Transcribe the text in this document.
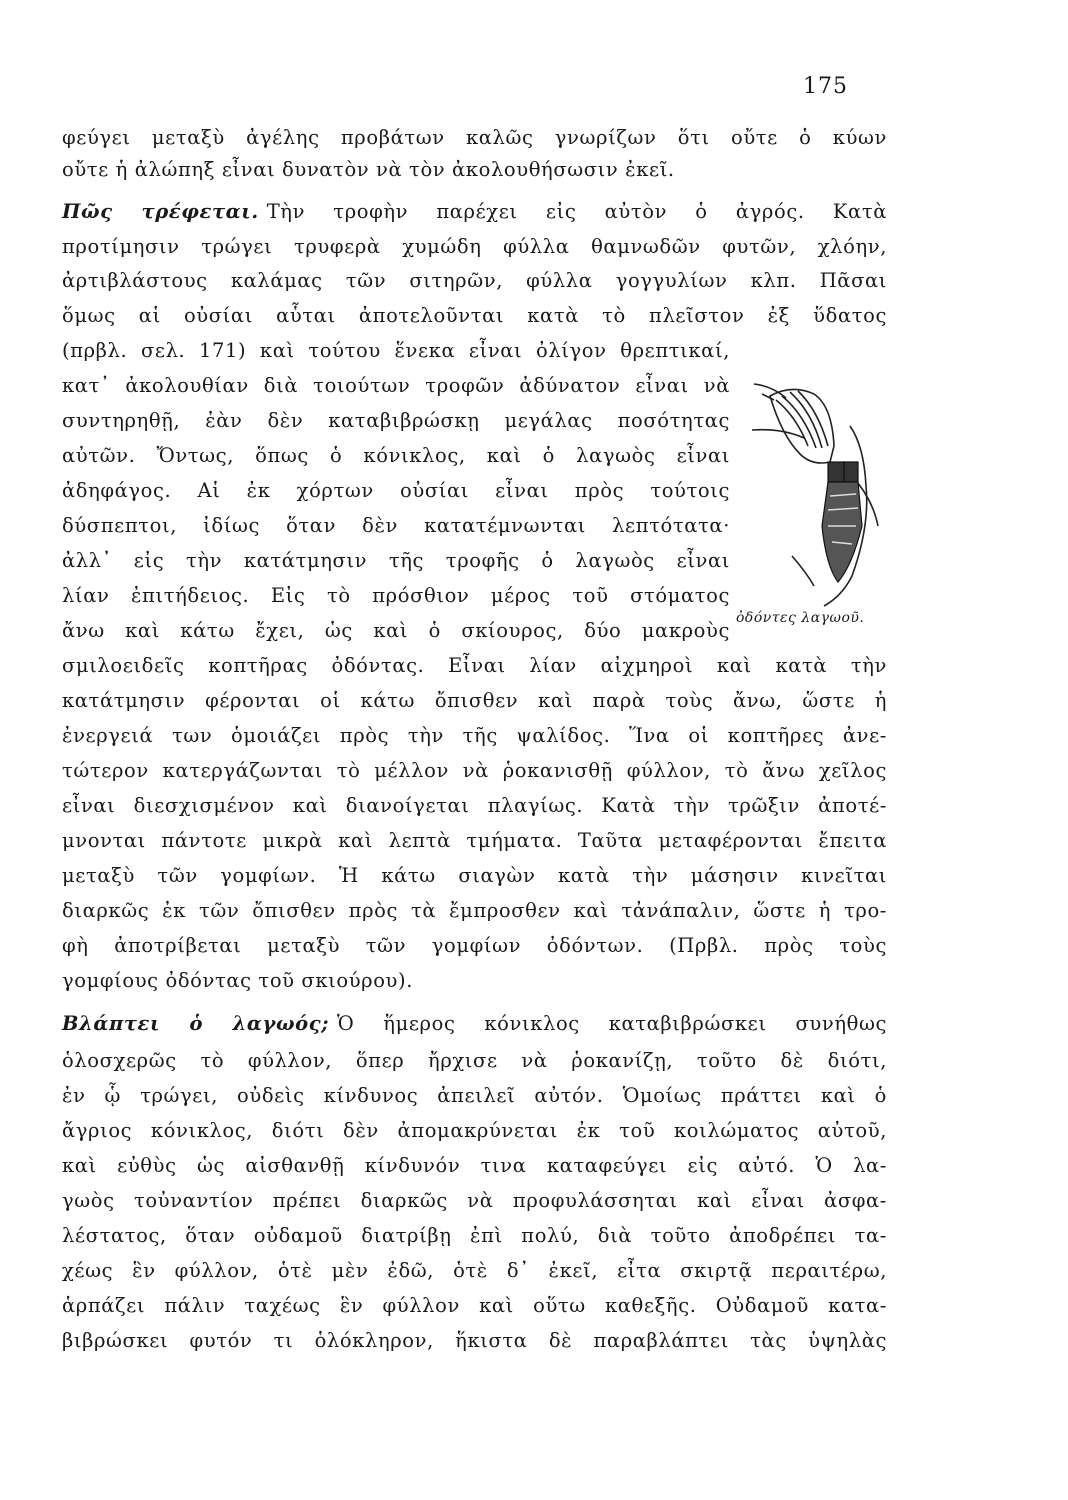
175
φεύγει μεταξὺ ἀγέλης προβάτων καλῶς γνωρίζων ὅτι οὔτε ὁ κύων
οὔτε ἡ ἀλώπηξ εἶναι δυνατὸν νὰ τὸν ἀκολουθήσωσιν ἐκεῖ.
Πῶς τρέφεται. Τὴν τροφὴν παρέχει εἰς αὐτὸν ὁ ἀγρός. Κατὰ
προτίμησιν τρώγει τρυφερὰ χυμώδη φύλλα θαμνωδῶν φυτῶν, χλόην,
ἀρτιβλάστους καλάμας τῶν σιτηρῶν, φύλλα γογγυλίων κλπ. Πᾶσαι
ὅμως αἱ οὐσίαι αὗται ἀποτελοῦνται κατὰ τὸ πλεῖστον ἐξ ὕδατος
(πρβλ. σελ. 171) καὶ τούτου ἕνεκα εἶναι ὀλίγον θρεπτικαί,
κατ᾽ ἀκολουθίαν διὰ τοιούτων τροφῶν ἀδύνατον εἶναι νὰ
συντηρηθῇ, ἐὰν δὲν καταβιβρώσκῃ μεγάλας ποσότητας
αὐτῶν. Ὄντως, ὅπως ὁ κόνικλος, καὶ ὁ λαγωὸς εἶναι
ἀδηφάγος. Αἱ ἐκ χόρτων οὐσίαι εἶναι πρὸς τούτοις
δύσπεπτοι, ἰδίως ὅταν δὲν κατατέμνωνται λεπτότατα·
ἀλλ᾽ εἰς τὴν κατάτμησιν τῆς τροφῆς ὁ λαγωὸς εἶναι
λίαν ἐπιτήδειος. Εἰς τὸ πρόσθιον μέρος τοῦ στόματος
ἄνω καὶ κάτω ἔχει, ὡς καὶ ὁ σκίουρος, δύο μακροὺς
σμιλοειδεῖς κοπτῆρας ὀδόντας. Εἶναι λίαν αἰχμηροὶ καὶ κατὰ τὴν
κατάτμησιν φέρονται οἱ κάτω ὄπισθεν καὶ παρὰ τοὺς ἄνω, ὥστε ἡ
ἐνεργειά των ὁμοιάζει πρὸς τὴν τῆς ψαλίδος. Ἵνα οἱ κοπτῆρες ἀνε-
τώτερον κατεργάζωνται τὸ μέλλον νὰ ῥοκανισθῇ φύλλον, τὸ ἄνω χεῖλος
εἶναι διεσχισμένον καὶ διανοίγεται πλαγίως. Κατὰ τὴν τρῶξιν ἀποτέ-
μνονται πάντοτε μικρὰ καὶ λεπτὰ τμήματα. Ταῦτα μεταφέρονται ἔπειτα
μεταξὺ τῶν γομφίων. Ἡ κάτω σιαγὼν κατὰ τὴν μάσησιν κινεῖται
διαρκῶς ἐκ τῶν ὄπισθεν πρὸς τὰ ἔμπροσθεν καὶ τἀνάπαλιν, ὥστε ἡ τρο-
φὴ ἀποτρίβεται μεταξὺ τῶν γομφίων ὀδόντων. (Πρβλ. πρὸς τοὺς
γομφίους ὀδόντας τοῦ σκιούρου).
Βλάπτει ὁ λαγωός; Ὁ ἥμερος κόνικλος καταβιβρώσκει συνήθως
ὁλοσχερῶς τὸ φύλλον, ὅπερ ἤρχισε νὰ ῥοκανίζῃ, τοῦτο δὲ διότι,
ἐν ᾧ τρώγει, οὐδεὶς κίνδυνος ἀπειλεῖ αὐτόν. Ὁμοίως πράττει καὶ ὁ
ἄγριος κόνικλος, διότι δὲν ἀπομακρύνεται ἐκ τοῦ κοιλώματος αὐτοῦ,
καὶ εὐθὺς ὡς αἰσθανθῇ κίνδυνόν τινα καταφεύγει εἰς αὐτό. Ὁ λα-
γωὸς τοὐναντίον πρέπει διαρκῶς νὰ προφυλάσσηται καὶ εἶναι ἀσφα-
λέστατος, ὅταν οὐδαμοῦ διατρίβῃ ἐπὶ πολύ, διὰ τοῦτο ἀποδρέπει τα-
χέως ἓν φύλλον, ὁτὲ μὲν ἐδῶ, ὁτὲ δ᾽ ἐκεῖ, εἶτα σκιρτᾷ περαιτέρω,
ἁρπάζει πάλιν ταχέως ἓν φύλλον καὶ οὕτω καθεξῆς. Οὐδαμοῦ κατα-
βιβρώσκει φυτόν τι ὁλόκληρον, ἥκιστα δὲ παραβλάπτει τὰς ὑψηλὰς
ὀδόντες λαγωοῦ.
